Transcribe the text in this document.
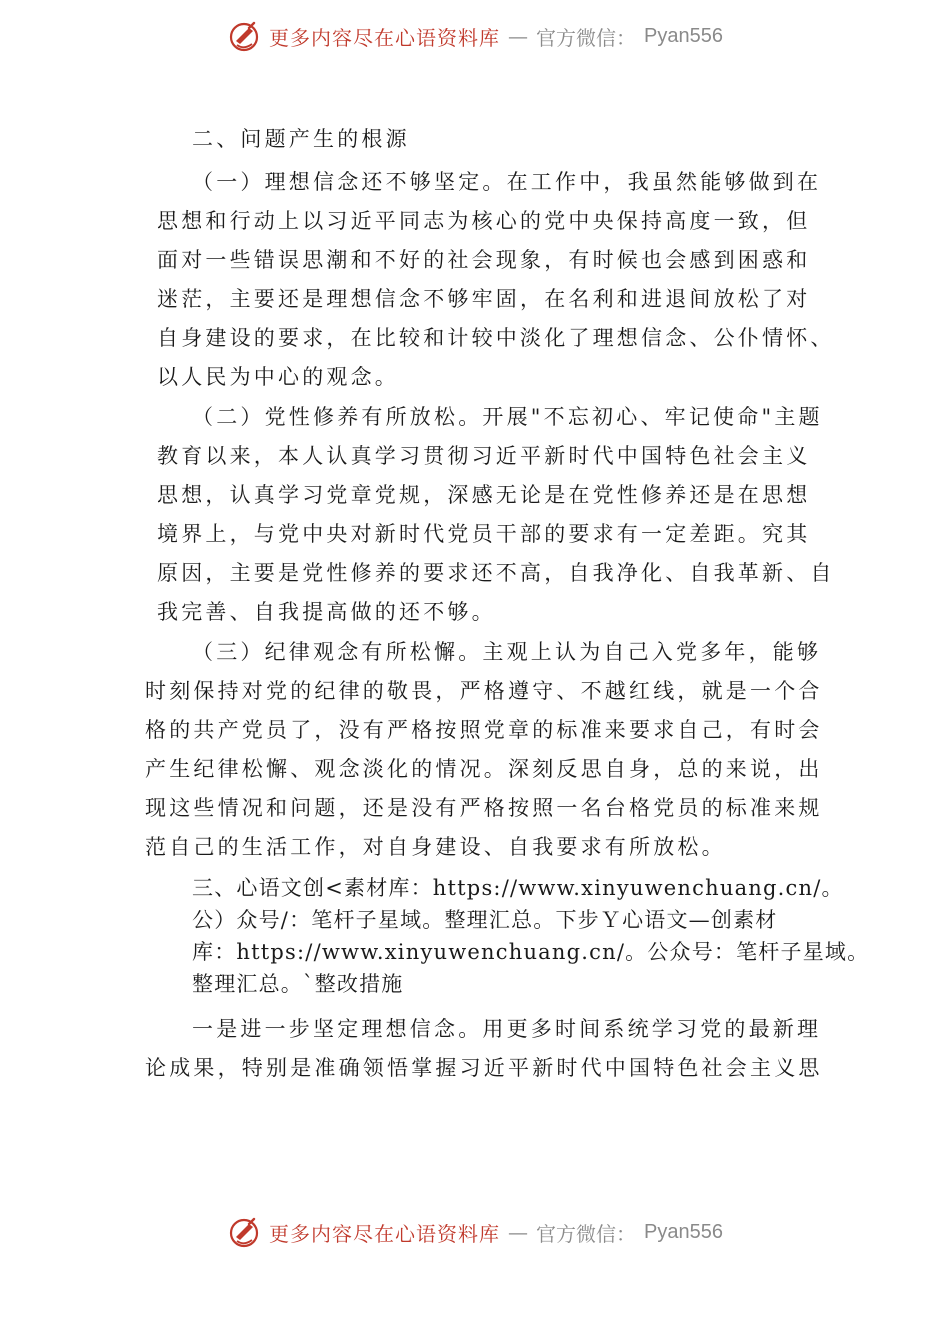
更多内容尽在心语资料库 — 官方微信： Pyan556
二、问题产生的根源
（一）理想信念还不够坚定。在工作中，我虽然能够做到在
思想和行动上以习近平同志为核心的党中央保持高度一致，但
面对一些错误思潮和不好的社会现象，有时候也会感到困惑和
迷茫，主要还是理想信念不够牢固，在名利和进退间放松了对
自身建设的要求，在比较和计较中淡化了理想信念、公仆情怀、
以人民为中心的观念。
（二）党性修养有所放松。开展"不忘初心、牢记使命"主题
教育以来，本人认真学习贯彻习近平新时代中国特色社会主义
思想，认真学习党章党规，深感无论是在党性修养还是在思想
境界上，与党中央对新时代党员干部的要求有一定差距。究其
原因，主要是党性修养的要求还不高，自我净化、自我革新、自
我完善、自我提高做的还不够。
（三）纪律观念有所松懈。主观上认为自己入党多年，能够
时刻保持对党的纪律的敬畏，严格遵守、不越红线，就是一个合
格的共产党员了，没有严格按照党章的标准来要求自己，有时会
产生纪律松懈、观念淡化的情况。深刻反思自身，总的来说，出
现这些情况和问题，还是没有严格按照一名台格党员的标准来规
范自己的生活工作，对自身建设、自我要求有所放松。
三、心语文创<素材库：https://www.xinyuwenchuang.cn/。
公）众号/：笔杆子星域。整理汇总。下步Ｙ心语文—创素材
库：https://www.xinyuwenchuang.cn/。公众号：笔杆子星域。
整理汇总。`整改措施
一是进一步坚定理想信念。用更多时间系统学习党的最新理
论成果，特别是准确领悟掌握习近平新时代中国特色社会主义思
更多内容尽在心语资料库 — 官方微信： Pyan556
